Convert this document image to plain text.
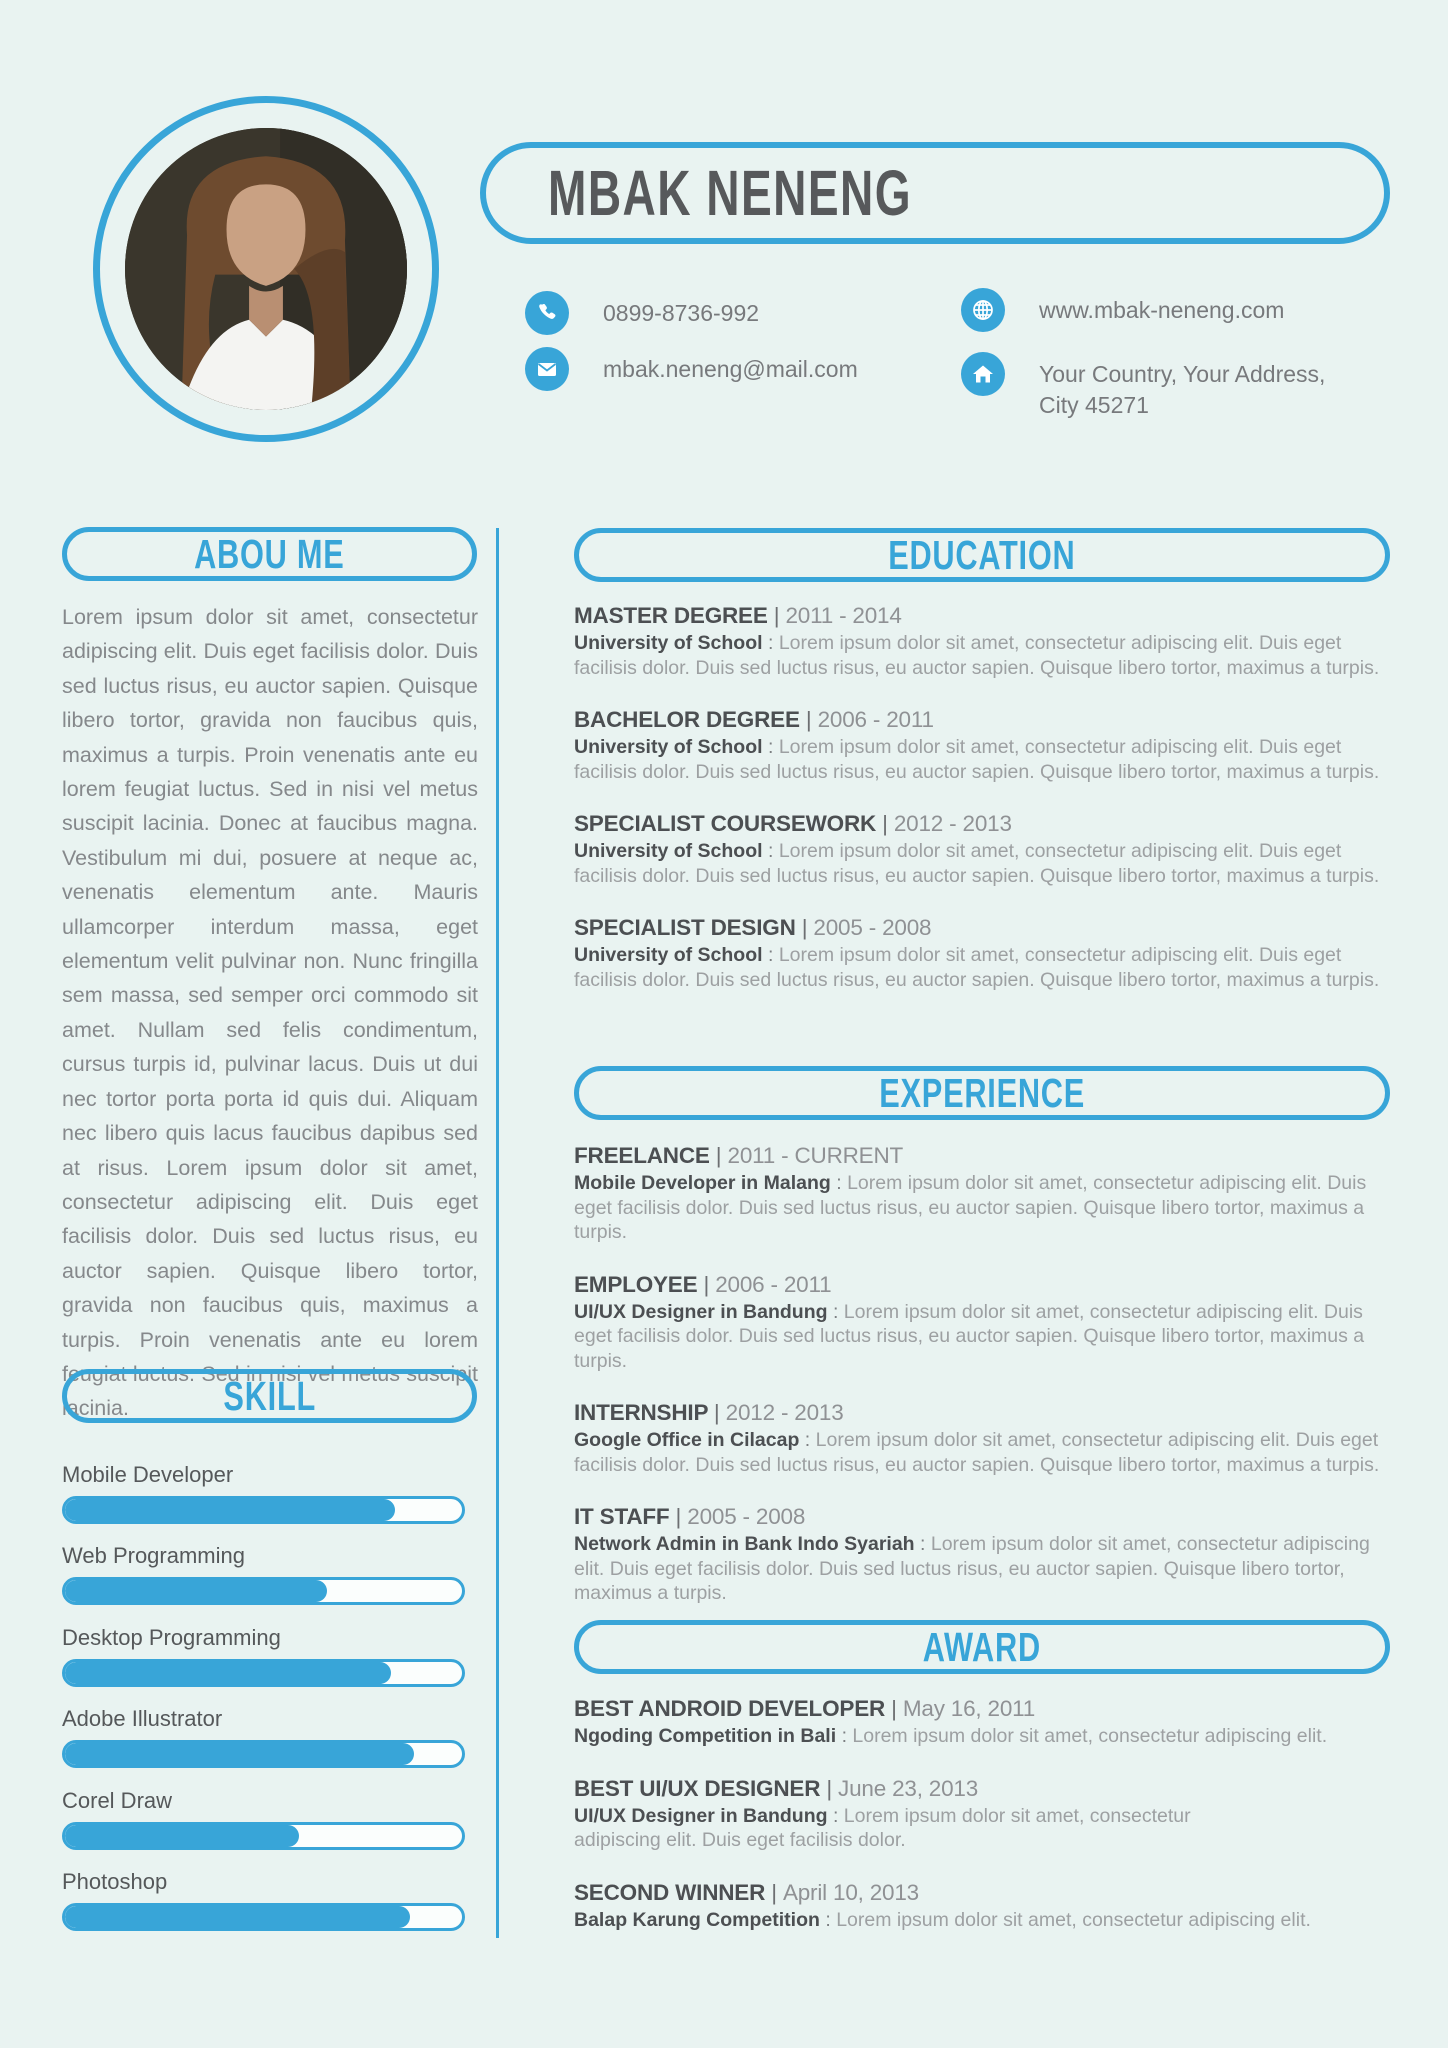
MBAK NENENG
0899-8736-992
mbak.neneng@mail.com
www.mbak-neneng.com
Your Country, Your Address,
City 45271
ABOU ME
Lorem ipsum dolor sit amet, consectetur adipiscing elit. Duis eget facilisis dolor. Duis sed luctus risus, eu auctor sapien. Quisque libero tortor, gravida non faucibus quis, maximus a turpis. Proin venenatis ante eu lorem feugiat luctus. Sed in nisi vel metus suscipit lacinia. Donec at faucibus magna. Vestibulum mi dui, posuere at neque ac, venenatis elementum ante. Mauris ullamcorper interdum massa, eget elementum velit pulvinar non. Nunc fringilla sem massa, sed semper orci commodo sit amet. Nullam sed felis condimentum, cursus turpis id, pulvinar lacus. Duis ut dui nec tortor porta porta id quis dui. Aliquam nec libero quis lacus faucibus dapibus sed at risus. Lorem ipsum dolor sit amet, consectetur adipiscing elit. Duis eget facilisis dolor. Duis sed luctus risus, eu auctor sapien. Quisque libero tortor, gravida non faucibus quis, maximus a turpis. Proin venenatis ante eu lorem feugiat luctus. Sed in nisi vel metus suscipit lacinia.	SKILL
Mobile Developer
Web Programming
Desktop Programming
Adobe Illustrator
Corel Draw
Photoshop
EDUCATION
MASTER DEGREE | 2011 - 2014

University of School : Lorem ipsum dolor sit amet, consectetur adipiscing elit. Duis eget facilisis dolor. Duis sed luctus risus, eu auctor sapien. Quisque libero tortor, maximus a turpis.

BACHELOR DEGREE | 2006 - 2011

University of School : Lorem ipsum dolor sit amet, consectetur adipiscing elit. Duis eget facilisis dolor. Duis sed luctus risus, eu auctor sapien. Quisque libero tortor, maximus a turpis.

SPECIALIST COURSEWORK | 2012 - 2013

University of School : Lorem ipsum dolor sit amet, consectetur adipiscing elit. Duis eget facilisis dolor. Duis sed luctus risus, eu auctor sapien. Quisque libero tortor, maximus a turpis.

SPECIALIST DESIGN | 2005 - 2008

University of School : Lorem ipsum dolor sit amet, consectetur adipiscing elit. Duis eget facilisis dolor. Duis sed luctus risus, eu auctor sapien. Quisque libero tortor, maximus a turpis.

EXPERIENCE
FREELANCE | 2011 - CURRENT

Mobile Developer in Malang : Lorem ipsum dolor sit amet, consectetur adipiscing elit. Duis eget facilisis dolor. Duis sed luctus risus, eu auctor sapien. Quisque libero tortor, maximus a turpis.

EMPLOYEE | 2006 - 2011

UI/UX Designer in Bandung : Lorem ipsum dolor sit amet, consectetur adipiscing elit. Duis eget facilisis dolor. Duis sed luctus risus, eu auctor sapien. Quisque libero tortor, maximus a turpis.

INTERNSHIP | 2012 - 2013

Google Office in Cilacap : Lorem ipsum dolor sit amet, consectetur adipiscing elit. Duis eget facilisis dolor. Duis sed luctus risus, eu auctor sapien. Quisque libero tortor, maximus a turpis.

IT STAFF | 2005 - 2008

Network Admin in Bank Indo Syariah : Lorem ipsum dolor sit amet, consectetur adipiscing elit. Duis eget facilisis dolor. Duis sed luctus risus, eu auctor sapien. Quisque libero tortor, maximus a turpis.

AWARD
BEST ANDROID DEVELOPER | May 16, 2011

Ngoding Competition in Bali : Lorem ipsum dolor sit amet, consectetur adipiscing elit.

BEST UI/UX DESIGNER | June 23, 2013

UI/UX Designer in Bandung : Lorem ipsum dolor sit amet, consectetur adipiscing elit. Duis eget facilisis dolor.

SECOND WINNER | April 10, 2013

Balap Karung Competition : Lorem ipsum dolor sit amet, consectetur adipiscing elit.
